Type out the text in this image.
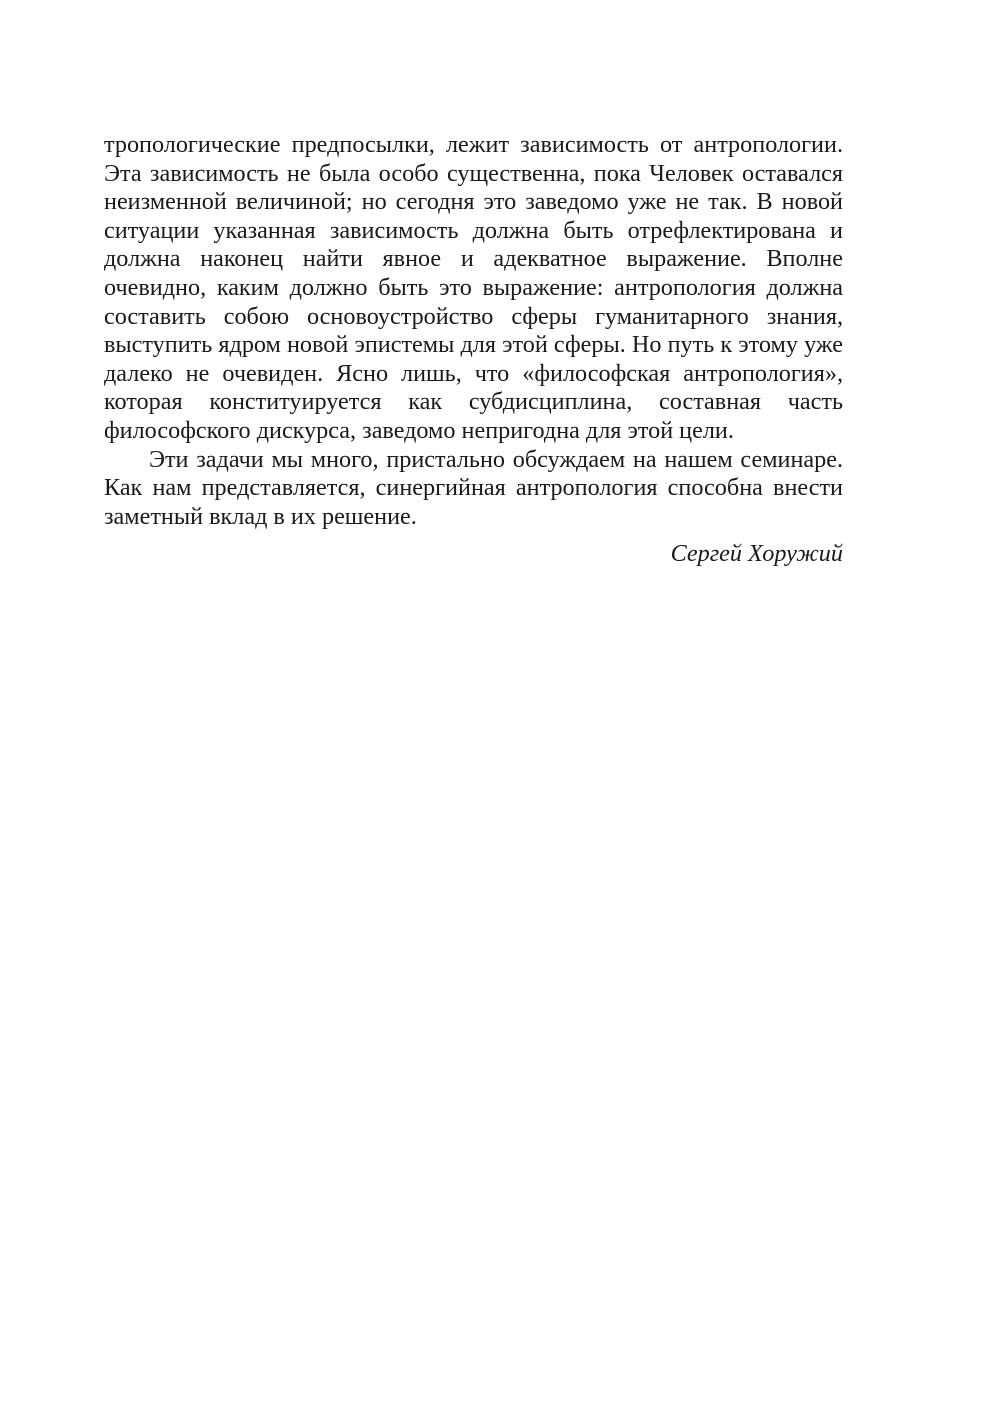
тропологические предпосылки, лежит зависимость от антропологии. Эта зависимость не была особо существенна, пока Человек оставался неизменной величиной; но сегодня это заведомо уже не так. В новой ситуации указанная зависимость должна быть отрефлектирована и должна наконец найти явное и адекватное выражение. Вполне очевидно, каким должно быть это выражение: антропология должна составить собою основоустройство сферы гуманитарного знания, выступить ядром новой эпистемы для этой сферы. Но путь к этому уже далеко не очевиден. Ясно лишь, что «философская антропология», которая конституируется как субдисциплина, составная часть философского дискурса, заведомо непригодна для этой цели.

Эти задачи мы много, пристально обсуждаем на нашем семинаре. Как нам представляется, синергийная антропология способна внести заметный вклад в их решение.

Сергей Хоружий
